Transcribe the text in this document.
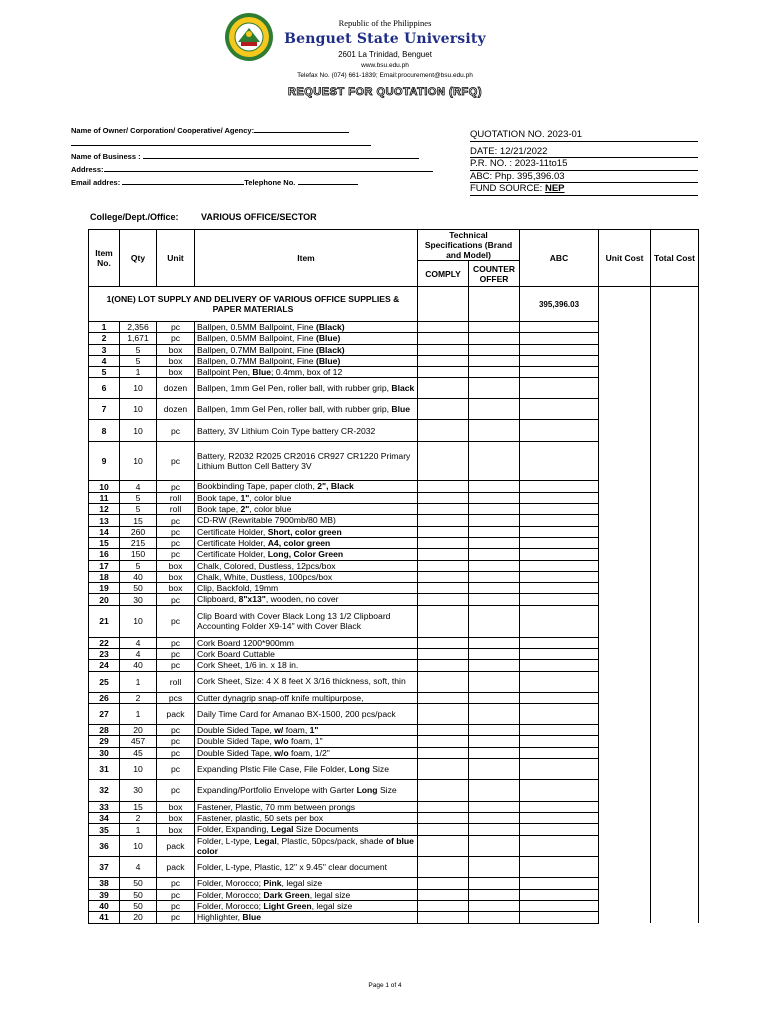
Republic of the Philippines
Benguet State University
2601 La Trinidad, Benguet
www.bsu.edu.ph
Telefax No. (074) 661-1839; Email:procurement@bsu.edu.ph
REQUEST FOR QUOTATION (RFQ)
Name of Owner/ Corporation/ Cooperative/ Agency:
Name of Business :
Address:
Email addres:	Telephone No.
QUOTATION NO. 2023-01
DATE: 12/21/2022
P.R. NO. : 2023-11to15
ABC: Php. 395,396.03
FUND SOURCE: NEP
College/Dept./Office: VARIOUS OFFICE/SECTOR
Item No.	Qty	Unit	Item	Technical Specifications (Brand and Model)		ABC	Unit Cost	Total Cost
				COMPLY	COUNTER OFFER			
1(ONE) LOT SUPPLY AND DELIVERY OF VARIOUS OFFICE SUPPLIES & PAPER MATERIALS						395,396.03		
1	2,356	pc	Ballpen, 0.5MM Ballpoint, Fine (Black)					
2	1,671	pc	Ballpen, 0.5MM Ballpoint, Fine (Blue)					
3	5	box	Ballpen, 0.7MM Ballpoint, Fine (Black)					
4	5	box	Ballpen, 0.7MM Ballpoint, Fine (Blue)					
5	1	box	Ballpoint Pen, Blue; 0.4mm, box of 12					
6	10	dozen	Ballpen, 1mm Gel Pen, roller ball, with rubber grip, Black					
7	10	dozen	Ballpen, 1mm Gel Pen, roller ball, with rubber grip, Blue					
8	10	pc	Battery, 3V Lithium Coin Type battery CR-2032					
9	10	pc	Battery, R2032 R2025 CR2016 CR927 CR1220 Primary Lithium Button Cell Battery 3V					
10	4	pc	Bookbinding Tape, paper cloth, 2", Black					
11	5	roll	Book tape, 1", color blue					
12	5	roll	Book tape, 2", color blue					
13	15	pc	CD-RW (Rewritable 7900mb/80 MB)					
14	260	pc	Certificate Holder, Short, color green					
15	215	pc	Certificate Holder, A4, color green					
16	150	pc	Certificate Holder, Long, Color Green					
17	5	box	Chalk, Colored, Dustless, 12pcs/box					
18	40	box	Chalk, White, Dustless, 100pcs/box					
19	50	box	Clip, Backfold, 19mm					
20	30	pc	Clipboard, 8"x13", wooden, no cover					
21	10	pc	Clip Board with Cover Black Long 13 1/2 Clipboard Accounting Folder X9-14" with Cover Black					
22	4	pc	Cork Board 1200*900mm					
23	4	pc	Cork Board Cuttable					
24	40	pc	Cork Sheet, 1/6 in. x 18 in.					
25	1	roll	Cork Sheet, Size: 4 X 8 feet X 3/16 thickness, soft, thin					
26	2	pcs	Cutter dynagrip snap-off knife multipurpose,					
27	1	pack	Daily Time Card for Amanao BX-1500, 200 pcs/pack					
28	20	pc	Double Sided Tape, w/ foam, 1"					
29	457	pc	Double Sided Tape, w/o foam, 1"					
30	45	pc	Double Sided Tape, w/o foam, 1/2"					
31	10	pc	Expanding Plstic File Case, File Folder, Long Size					
32	30	pc	Expanding/Portfolio Envelope with Garter Long Size					
33	15	box	Fastener, Plastic, 70 mm between prongs					
34	2	box	Fastener, plastic, 50 sets per box					
35	1	box	Folder, Expanding, Legal Size Documents					
36	10	pack	Folder, L-type, Legal, Plastic, 50pcs/pack, shade of blue color					
37	4	pack	Folder, L-type, Plastic, 12" x 9.45" clear document					
38	50	pc	Folder, Morocco; Pink, legal size					
39	50	pc	Folder, Morocco; Dark Green, legal size					
40	50	pc	Folder, Morocco; Light Green, legal size					
41	20	pc	Highlighter, Blue					
Page 1 of 4
